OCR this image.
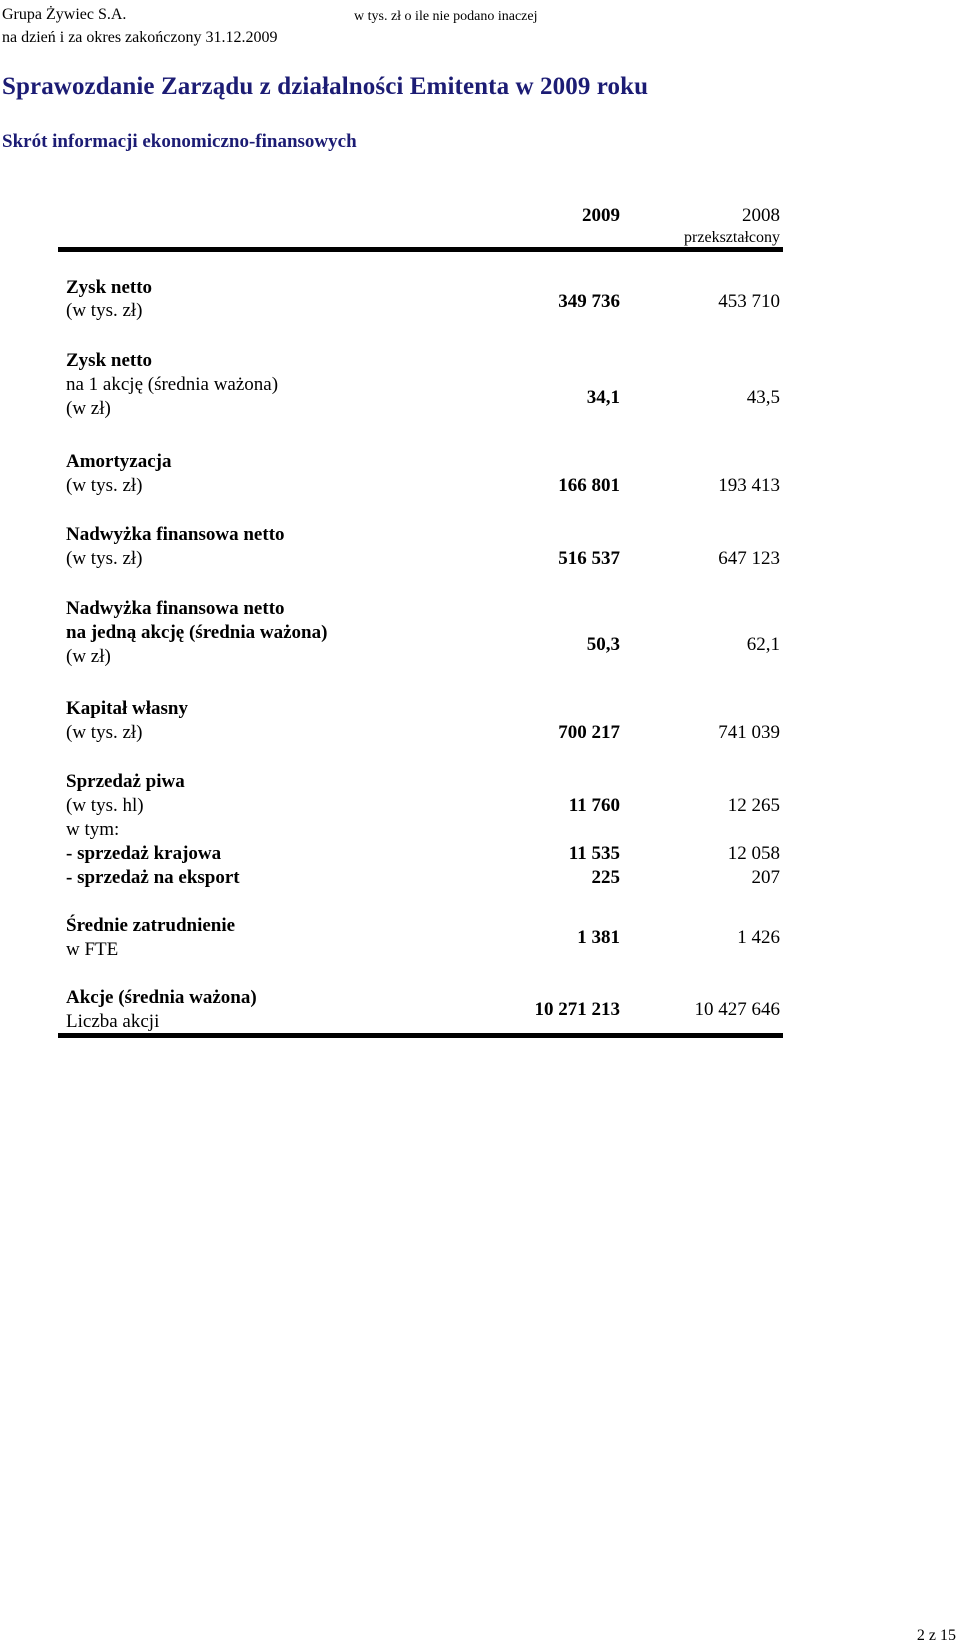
Grupa Żywiec S.A.
na dzień i za okres zakończony 31.12.2009
w tys. zł o ile nie podano inaczej
Sprawozdanie Zarządu z działalności Emitenta w 2009 roku
Skrót informacji ekonomiczno-finansowych
2009	2008
przekształcony
Zysk netto
(w tys. zł)	349 736	453 710
Zysk netto
na 1 akcję (średnia ważona)
(w zł)
34,1	43,5
Amortyzacja
(w tys. zł)	166 801	193 413
Nadwyżka finansowa netto
(w tys. zł)	516 537	647 123
Nadwyżka finansowa netto
na jedną akcję (średnia ważona)
(w zł)
50,3	62,1
Kapitał własny
(w tys. zł)	700 217	741 039
Sprzedaż piwa
(w tys. hl)	11 760	12 265
w tym:
- sprzedaż krajowa	11 535	12 058
- sprzedaż na eksport	225	207
Średnie zatrudnienie
w FTE
1 381	1 426
Akcje (średnia ważona)
Liczba akcji
10 271 213	10 427 646
2 z 15
